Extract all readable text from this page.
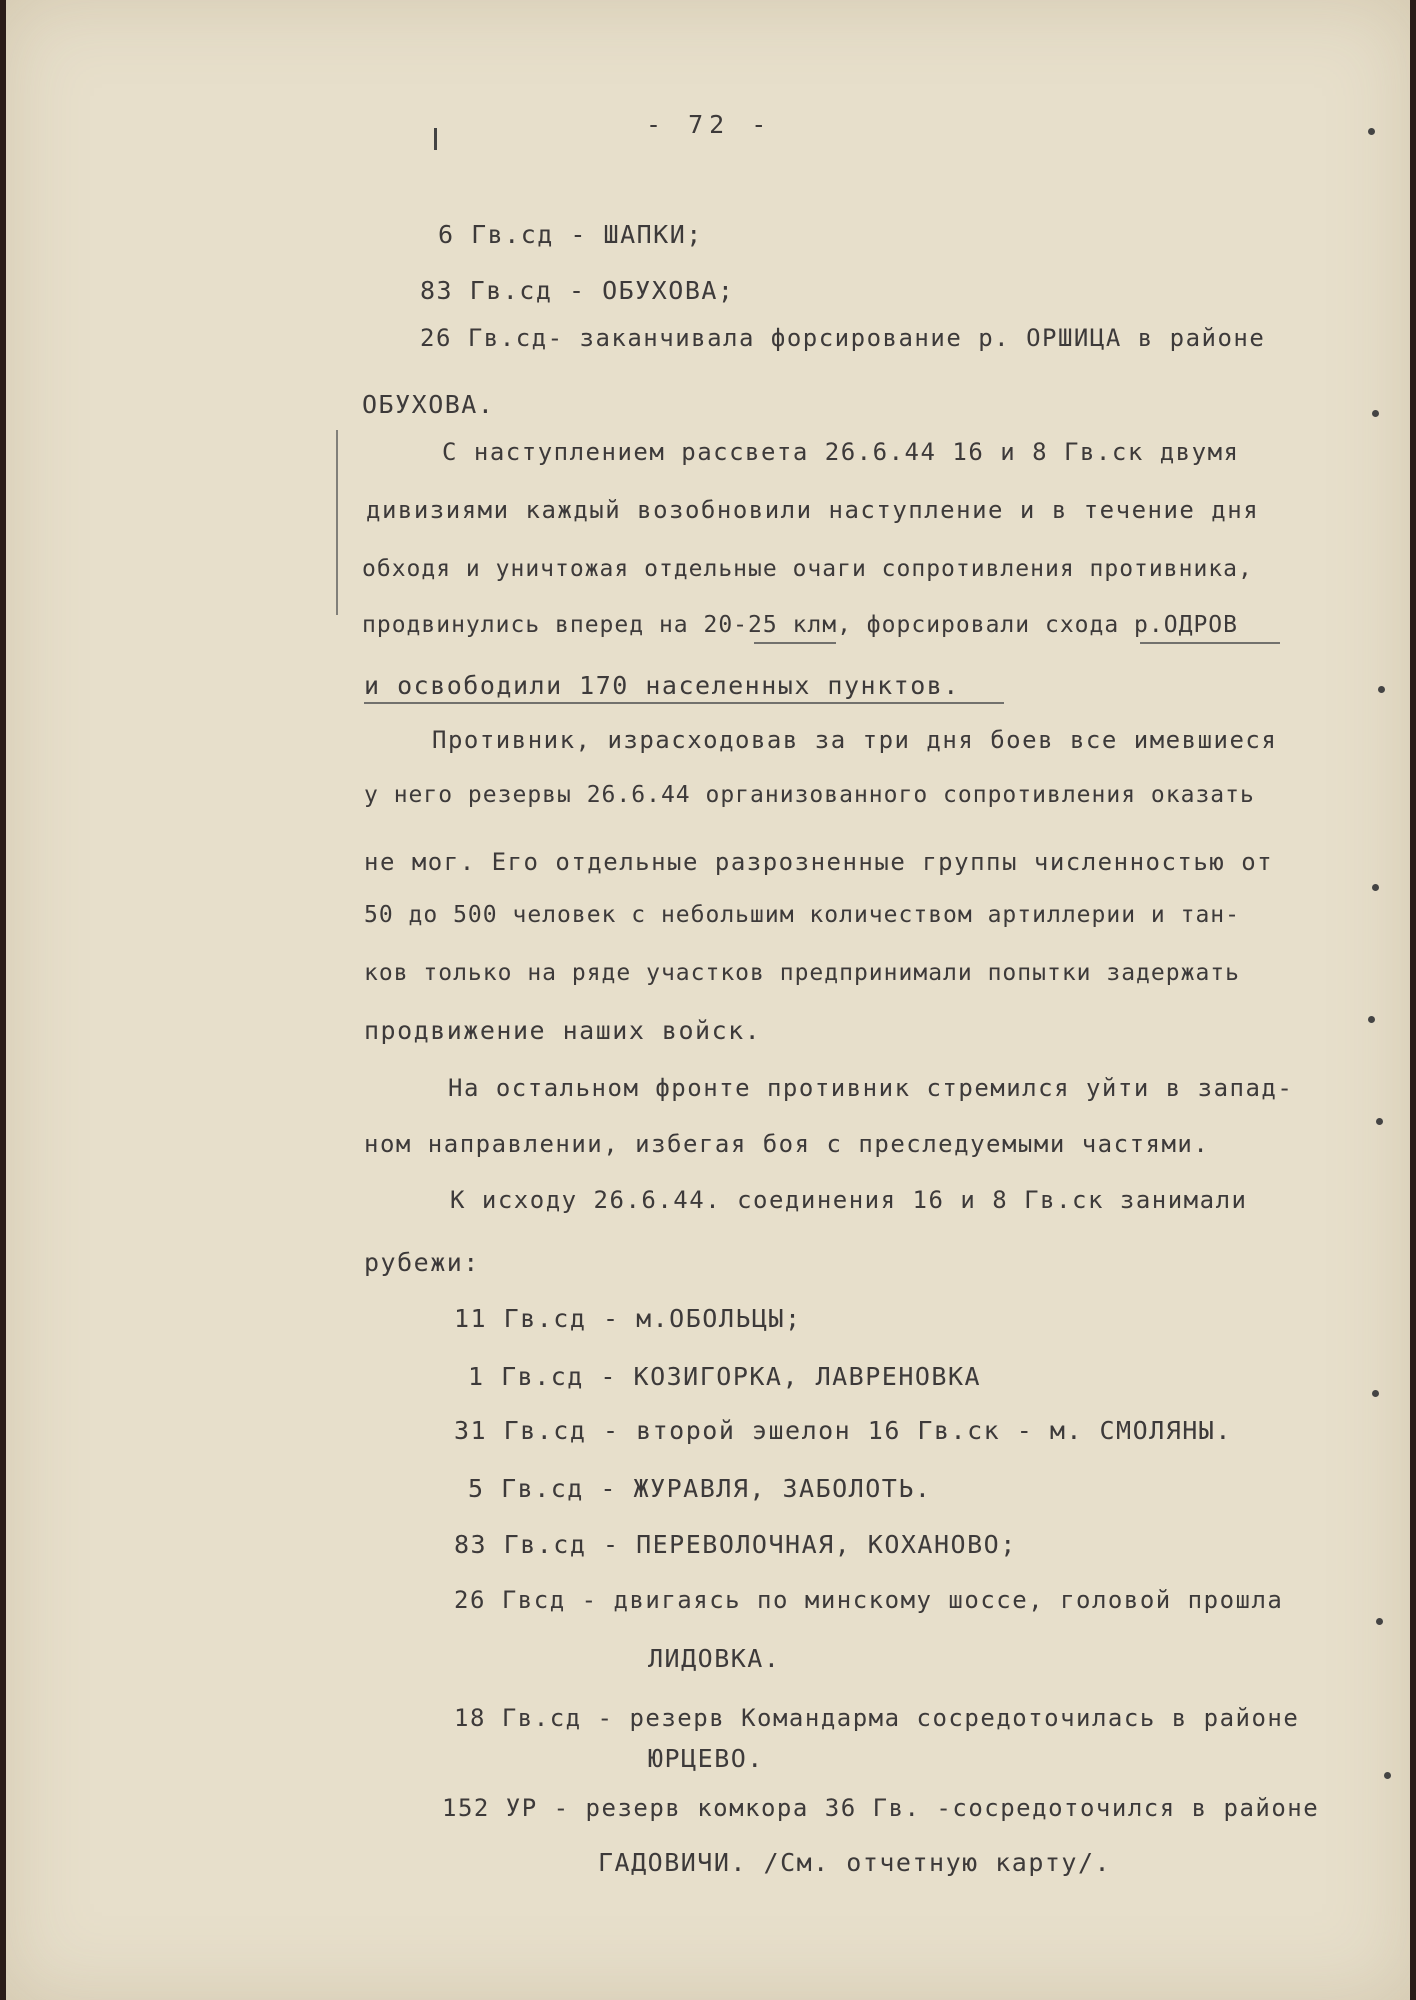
- 72 -
6 Гв.сд - ШАПКИ;
83 Гв.сд - ОБУХОВА;
26 Гв.сд- заканчивала форсирование р. ОРШИЦА в районе
ОБУХОВА.
С наступлением рассвета 26.6.44 16 и 8 Гв.ск двумя
дивизиями каждый возобновили наступление и в течение дня
обходя и уничтожая отдельные очаги сопротивления противника,
продвинулись вперед на 20-25 клм, форсировали схода р.ОДРОВ
и освободили 170 населенных пунктов.
Противник, израсходовав за три дня боев все имевшиеся
у него резервы 26.6.44 организованного сопротивления оказать
не мог. Его отдельные разрозненные группы численностью от
50 до 500 человек с небольшим количеством артиллерии и тан-
ков только на ряде участков предпринимали попытки задержать
продвижение наших войск.
На остальном фронте противник стремился уйти в запад-
ном направлении, избегая боя с преследуемыми частями.
К исходу 26.6.44. соединения 16 и 8 Гв.ск занимали
рубежи:
11 Гв.сд - м.ОБОЛЬЦЫ;
1 Гв.сд - КОЗИГОРКА, ЛАВРЕНОВКА
31 Гв.сд - второй эшелон 16 Гв.ск - м. СМОЛЯНЫ.
5 Гв.сд - ЖУРАВЛЯ, ЗАБОЛОТЬ.
83 Гв.сд - ПЕРЕВОЛОЧНАЯ, КОХАНОВО;
26 Гвсд - двигаясь по минскому шоссе, головой прошла
ЛИДОВКА.
18 Гв.сд - резерв Командарма сосредоточилась в районе
ЮРЦЕВО.
152 УР - резерв комкора 36 Гв. -сосредоточился в районе
ГАДОВИЧИ. /См. отчетную карту/.
